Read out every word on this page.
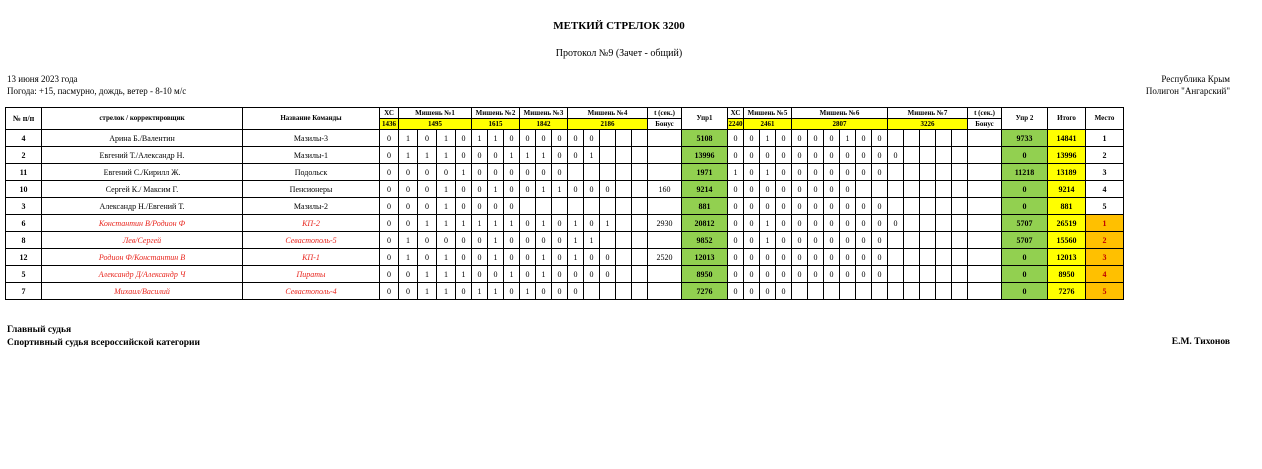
МЕТКИЙ СТРЕЛОК 3200
Протокол №9 (Зачет - общий)
13 июня 2023 года
Погода: +15, пасмурно, дождь, ветер - 8-10 м/с
Республика Крым
Полигон "Ангарский"
№ п/п	стрелок / корректировщик	Название Команды	ХС	Мишень №1				Мишень №2			Мишень №3			Мишень №4					t (сек.)	Упр1	ХС	Мишень №5			Мишень №6						Мишень №7					t (сек.)	Упр 2	Итого	Место
			1436	1495				1615			1842			2186					Бонус		2240	2461			2807						3226					Бонус			
4	Арина Б./Валентин	Мазилы-3	0	1	0	1	0	1	1	0	0	0	0	0	0					5108	0	0	1	0	0	0	0	1	0	0							9733	14841	1
2	Евгений Т./Александр Н.	Мазилы-1	0	1	1	1	0	0	0	1	1	1	0	0	1					13996	0	0	0	0	0	0	0	0	0	0	0						0	13996	2
11	Евгений С./Кирилл Ж.	Подольск	0	0	0	0	1	0	0	0	0	0	0							1971	1	0	1	0	0	0	0	0	0	0							11218	13189	3
10	Сергей К./ Максим Г.	Пенсионеры	0	0	0	1	0	0	1	0	0	1	1	0	0	0			160	9214	0	0	0	0	0	0	0	0									0	9214	4
3	Александр Н./Евгений Т.	Мазилы-2	0	0	0	1	0	0	0	0										881	0	0	0	0	0	0	0	0	0	0							0	881	5
6	Константин В/Родион Ф	КП-2	0	0	1	1	1	1	1	1	0	1	0	1	0	1			2930	20812	0	0	1	0	0	0	0	0	0	0	0						5707	26519	1
8	Лев/Сергей	Севастополь-5	0	1	0	0	0	0	1	0	0	0	0	1	1					9852	0	0	1	0	0	0	0	0	0	0							5707	15560	2
12	Родион Ф/Константин В	КП-1	0	1	0	1	0	0	1	0	0	1	0	1	0	0			2520	12013	0	0	0	0	0	0	0	0	0	0							0	12013	3
5	Александр Д/Александр Ч	Пираты	0	0	1	1	1	0	0	1	0	1	0	0	0	0				8950	0	0	0	0	0	0	0	0	0	0							0	8950	4
7	Михаил/Василий	Севастополь-4	0	0	1	1	0	1	1	0	1	0	0	0						7276	0	0	0	0													0	7276	5
Главный судья
Спортивный судья всероссийской категории	Е.М. Тихонов
